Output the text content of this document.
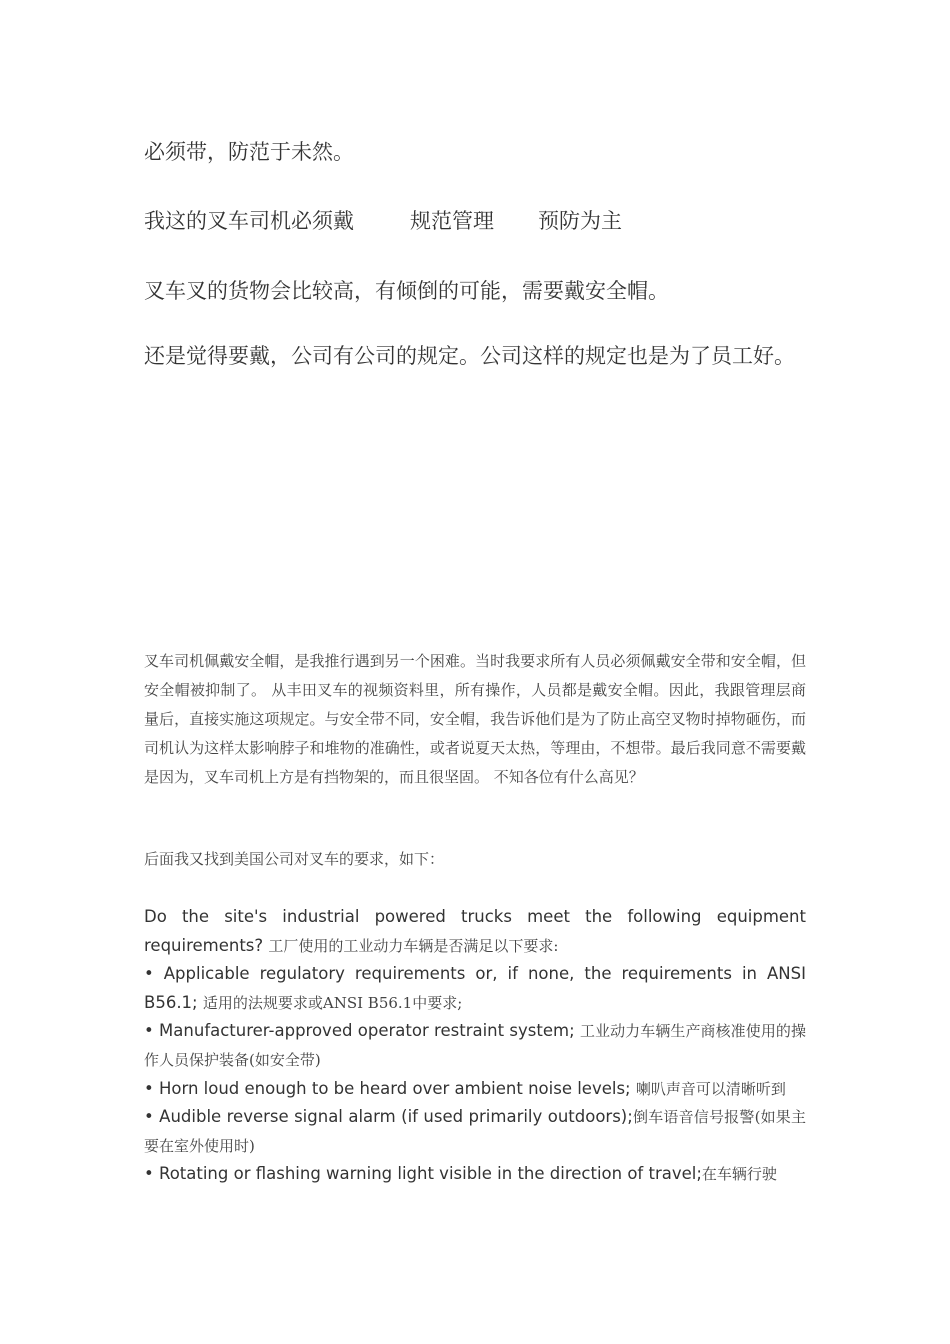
必须带，防范于未然。

我这的叉车司机必须戴	规范管理 预防为主

叉车叉的货物会比较高，有倾倒的可能，需要戴安全帽。

还是觉得要戴，公司有公司的规定。公司这样的规定也是为了员工好。

叉车司机佩戴安全帽，是我推行遇到另一个困难。当时我要求所有人员必须佩戴安全带和安全帽，但安全帽被抑制了。 从丰田叉车的视频资料里，所有操作，人员都是戴安全帽。因此，我跟管理层商量后，直接实施这项规定。与安全带不同，安全帽，我告诉他们是为了防止高空叉物时掉物砸伤，而司机认为这样太影响脖子和堆物的准确性，或者说夏天太热，等理由，不想带。最后我同意不需要戴是因为，叉车司机上方是有挡物架的，而且很坚固。 不知各位有什么高见？

后面我又找到美国公司对叉车的要求，如下：

Do the site's industrial powered trucks meet the following equipment requirements? 工厂使用的工业动力车辆是否满足以下要求:

• Applicable regulatory requirements or, if none, the requirements in ANSI B56.1; 适用的法规要求或ANSI B56.1中要求;

• Manufacturer-approved operator restraint system; 工业动力车辆生产商核准使用的操作人员保护装备(如安全带)

• Horn loud enough to be heard over ambient noise levels; 喇叭声音可以清晰听到

• Audible reverse signal alarm (if used primarily outdoors);倒车语音信号报警(如果主要在室外使用时)

• Rotating or flashing warning light visible in the direction of travel;在车辆行驶
